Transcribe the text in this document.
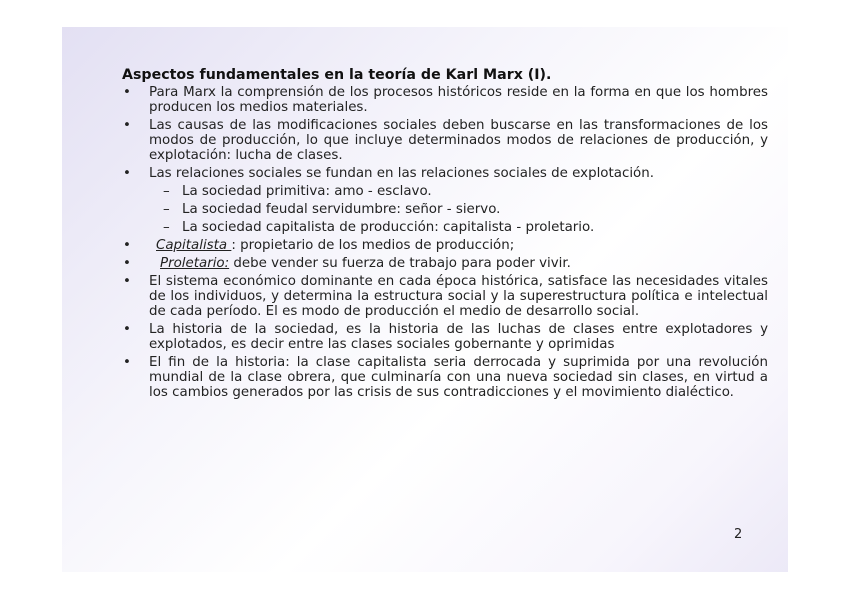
Aspectos fundamentales en la teoría de Karl Marx (I).
• Para Marx la comprensión de los procesos históricos reside en la forma en que los hombres producen los medios materiales.
• Las causas de las modificaciones sociales deben buscarse en las transformaciones de los modos de producción, lo que incluye determinados modos de relaciones de producción, y explotación: lucha de clases.
• Las relaciones sociales se fundan en las relaciones sociales de explotación.
– La sociedad primitiva: amo - esclavo.
– La sociedad feudal servidumbre: señor - siervo.
– La sociedad capitalista de producción: capitalista - proletario.
• Capitalista : propietario de los medios de producción;
• Proletario: debe vender su fuerza de trabajo para poder vivir.
• El sistema económico dominante en cada época histórica, satisface las necesidades vitales de los individuos, y determina la estructura social y la superestructura política e intelectual de cada período. El es modo de producción el medio de desarrollo social.
• La historia de la sociedad, es la historia de las luchas de clases entre explotadores y explotados, es decir entre las clases sociales gobernante y oprimidas
• El fin de la historia: la clase capitalista seria derrocada y suprimida por una revolución mundial de la clase obrera, que culminaría con una nueva sociedad sin clases, en virtud a los cambios generados por las crisis de sus contradicciones y el movimiento dialéctico.
2
